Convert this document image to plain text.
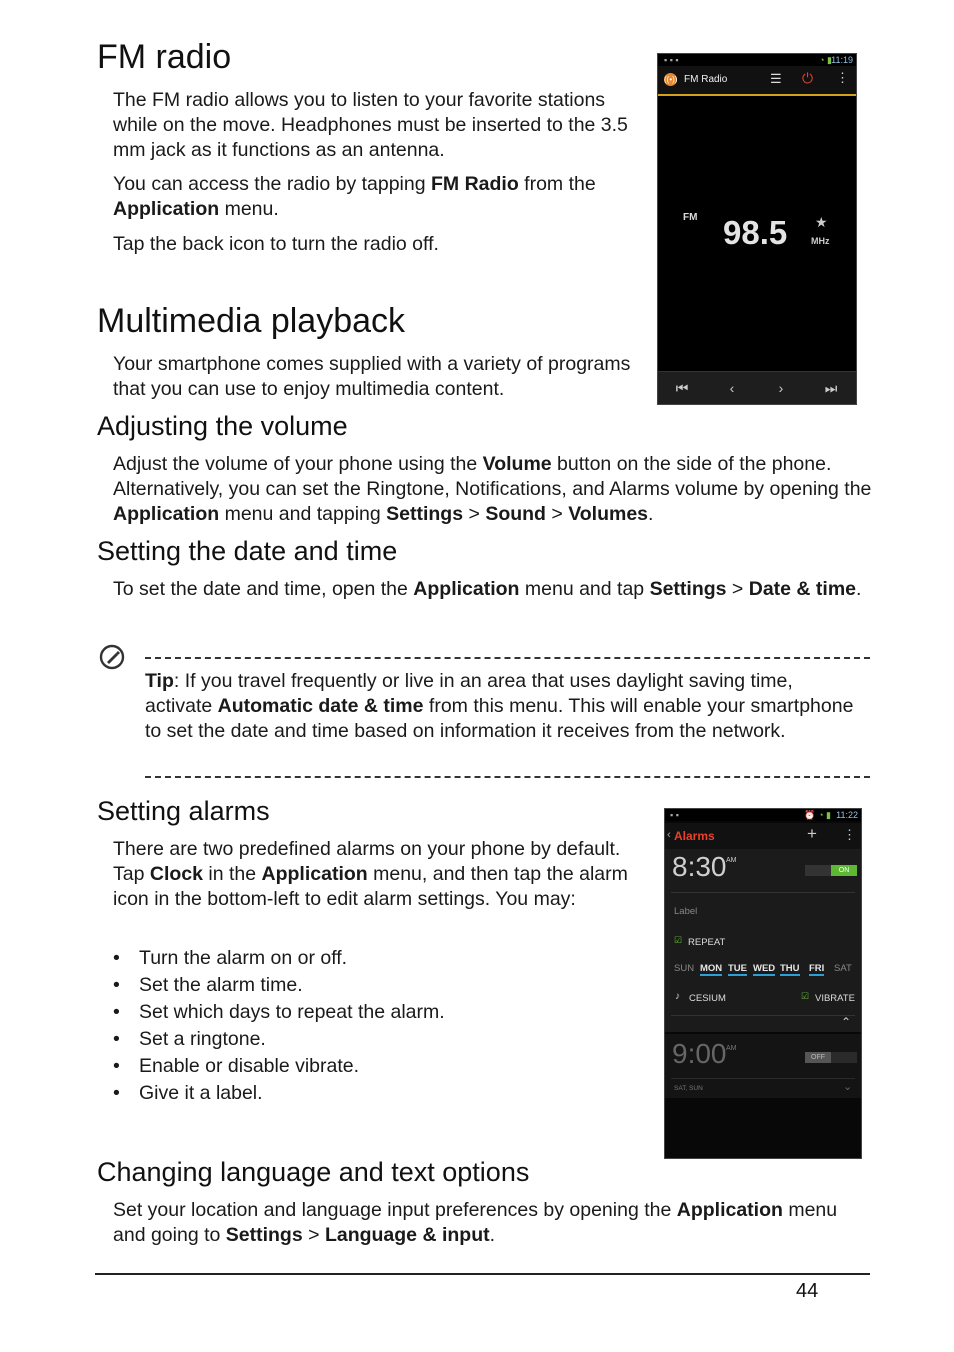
FM radio

The FM radio allows you to listen to your favorite stations while on the move. Headphones must be inserted to the 3.5 mm jack as it functions as an antenna.

You can access the radio by tapping FM Radio from the Application menu.

Tap the back icon to turn the radio off.

▪ ▪ ▪	◔ ▮ 11:19
((•)) FM Radio	☰ ⏻ ⋮
FM 98.5 ★
MHz
⏮	‹	›	⏭
Multimedia playback

Your smartphone comes supplied with a variety of programs that you can use to enjoy multimedia content.

Adjusting the volume

Adjust the volume of your phone using the Volume button on the side of the phone. Alternatively, you can set the Ringtone, Notifications, and Alarms volume by opening the Application menu and tapping Settings > Sound > Volumes.

Setting the date and time

To set the date and time, open the Application menu and tap Settings > Date & time.

Tip: If you travel frequently or live in an area that uses daylight saving time, activate Automatic date & time from this menu. This will enable your smartphone to set the date and time based on information it receives from the network.

Setting alarms

There are two predefined alarms on your phone by default. Tap Clock in the Application menu, and then tap the alarm icon in the bottom-left to edit alarm settings. You may:

• Turn the alarm on or off.
• Set the alarm time.
• Set which days to repeat the alarm.
• Set a ringtone.
• Enable or disable vibrate.
• Give it a label.
▪ ▪	⏰ ◔ ▮ 11:22
‹ Alarms	+ ⋮
8:30 AM
ON
Label
☑ REPEAT
SUN MON TUE WED THU FRI SAT
♪ CESIUM	☑ VIBRATE
⌃
9:00 AM
OFF
SAT, SUN	⌄
Changing language and text options

Set your location and language input preferences by opening the Application menu and going to Settings > Language & input.

44
